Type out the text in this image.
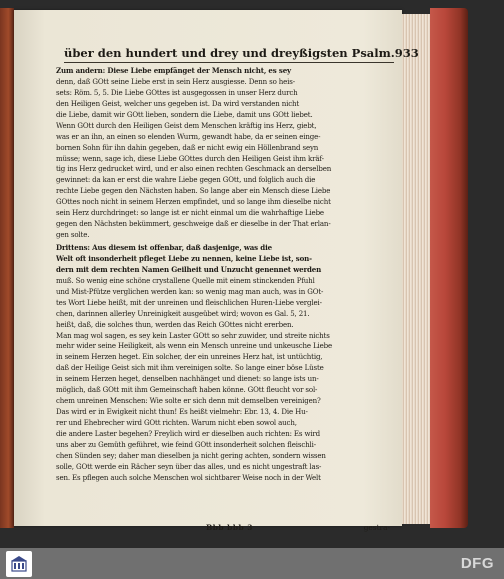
über den hundert und drey und dreyßigsten Psalm. 933
Zum andern: Diese Liebe empfänget der Mensch nicht, es sey
denn, daß GOtt seine Liebe erst in sein Herz ausgiesse. Denn so heis-
sets: Röm. 5, 5. Die Liebe GOttes ist ausgegossen in unser Herz durch
den Heiligen Geist, welcher uns gegeben ist. Da wird verstanden nicht
die Liebe, damit wir GOtt lieben, sondern die Liebe, damit uns GOtt liebet.
Wenn GOtt durch den Heiligen Geist dem Menschen kräftig ins Herz, giebt,
was er an ihn, an einen so elenden Wurm, gewandt habe, da er seinen einge-
bornen Sohn für ihn dahin gegeben, daß er nicht ewig ein Höllenbrand seyn
müsse; wenn, sage ich, diese Liebe GOttes durch den Heiligen Geist ihm kräf-
tig ins Herz gedrucket wird, und er also einen rechten Geschmack an derselben
gewinnet: da kan er erst die wahre Liebe gegen GOtt, und folglich auch die
rechte Liebe gegen den Nächsten haben. So lange aber ein Mensch diese Liebe
GOttes noch nicht in seinem Herzen empfindet, und so lange ihm dieselbe nicht
sein Herz durchdringet: so lange ist er nicht einmal um die wahrhaftige Liebe
gegen den Nächsten bekümmert, geschweige daß er dieselbe in der That erlan-
gen solte.
Drittens: Aus diesem ist offenbar, daß dasjenige, was die
Welt oft insonderheit pfleget Liebe zu nennen, keine Liebe ist, son-
dern mit dem rechten Namen Geilheit und Unzucht genennet werden
muß. So wenig eine schöne crystallene Quelle mit einem stinckenden Pfuhl
und Mist-Pfütze verglichen werden kan: so wenig mag man auch, was in GOt-
tes Wort Liebe heißt, mit der unreinen und fleischlichen Huren-Liebe verglei-
chen, darinnen allerley Unreinigkeit ausgeübet wird; wovon es Gal. 5, 21.
heißt, daß, die solches thun, werden das Reich GOttes nicht ererben.
Man mag wol sagen, es sey kein Laster GOtt so sehr zuwider, und streite nichts
mehr wider seine Heiligkeit, als wenn ein Mensch unreine und unkeusche Liebe
in seinem Herzen heget. Ein solcher, der ein unreines Herz hat, ist untüchtig,
daß der Heilige Geist sich mit ihm vereinigen solte. So lange einer böse Lüste
in seinem Herzen heget, denselben nachhänget und dienet: so lange ists un-
möglich, daß GOtt mit ihm Gemeinschaft haben könne. GOtt fleucht vor sol-
chem unreinen Menschen: Wie solte er sich denn mit demselben vereinigen?
Das wird er in Ewigkeit nicht thun! Es heißt vielmehr: Ebr. 13, 4. Die Hu-
rer und Ehebrecher wird GOtt richten. Warum nicht eben sowol auch,
die andere Laster begehen? Freylich wird er dieselben auch richten: Es wird
uns aber zu Gemüth geführet, wie feind GOtt insonderheit solchen fleischli-
chen Sünden sey; daher man dieselben ja nicht gering achten, sondern wissen
solle, GOtt werde ein Rächer seyn über das alles, und es nicht ungestraft las-
sen. Es pflegen auch solche Menschen wol sichtbarer Weise noch in der Welt
Bbb bbb 3	gestra-
DFG
